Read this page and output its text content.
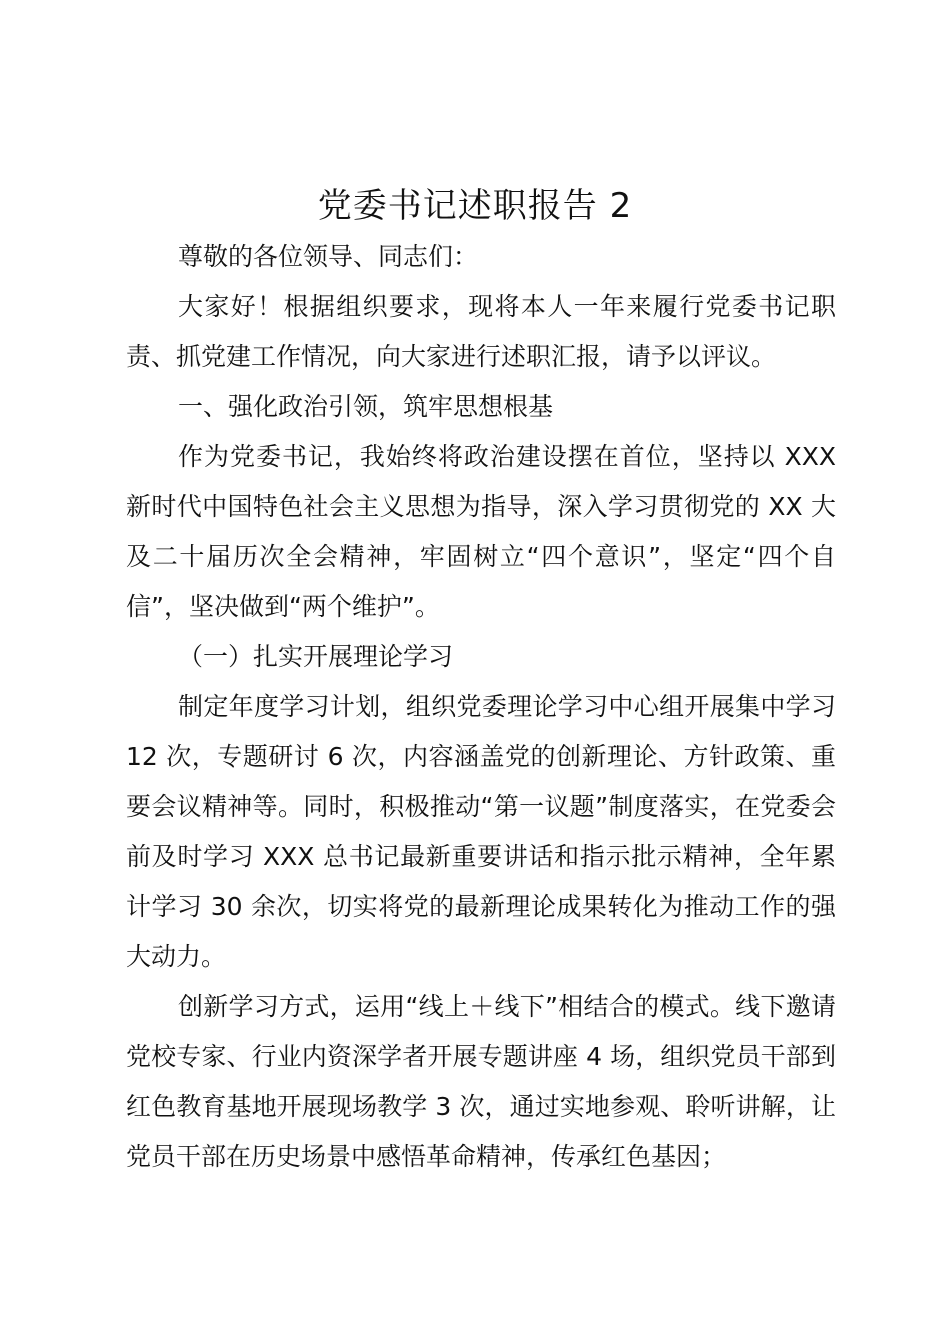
党委书记述职报告 2

尊敬的各位领导、同志们：

大家好！根据组织要求，现将本人一年来履行党委书记职责、抓党建工作情况，向大家进行述职汇报，请予以评议。

一、强化政治引领，筑牢思想根基

作为党委书记，我始终将政治建设摆在首位，坚持以 XXX 新时代中国特色社会主义思想为指导，深入学习贯彻党的 XX 大及二十届历次全会精神，牢固树立“四个意识”，坚定“四个自信”，坚决做到“两个维护”。

（一）扎实开展理论学习

制定年度学习计划，组织党委理论学习中心组开展集中学习 12 次，专题研讨 6 次，内容涵盖党的创新理论、方针政策、重要会议精神等。同时，积极推动“第一议题”制度落实，在党委会前及时学习 XXX 总书记最新重要讲话和指示批示精神，全年累计学习 30 余次，切实将党的最新理论成果转化为推动工作的强大动力。

创新学习方式，运用“线上＋线下”相结合的模式。线下邀请党校专家、行业内资深学者开展专题讲座 4 场，组织党员干部到红色教育基地开展现场教学 3 次，通过实地参观、聆听讲解，让党员干部在历史场景中感悟革命精神，传承红色基因；
